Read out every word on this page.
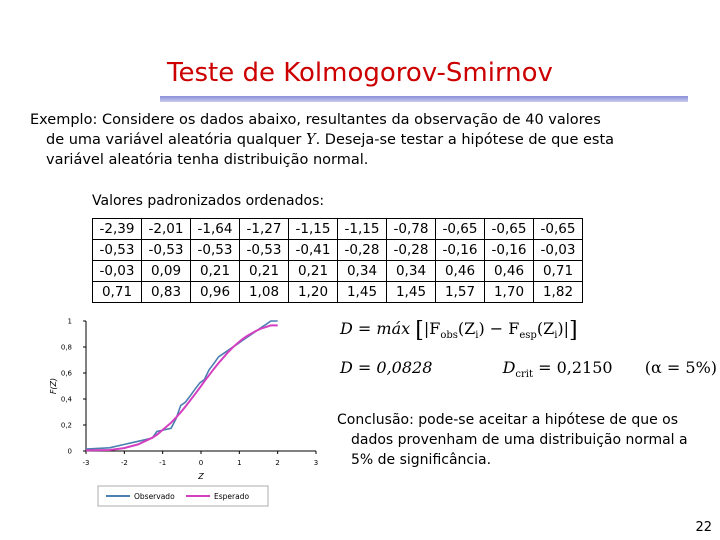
Teste de Kolmogorov-Smirnov
Exemplo: Considere os dados abaixo, resultantes da observação de 40 valores
de uma variável aleatória qualquer Y. Deseja-se testar a hipótese de que esta
variável aleatória tenha distribuição normal.
Valores padronizados ordenados:
-2,39	-2,01	-1,64	-1,27	-1,15	-1,15	-0,78	-0,65	-0,65	-0,65
-0,53	-0,53	-0,53	-0,53	-0,41	-0,28	-0,28	-0,16	-0,16	-0,03
-0,03	0,09	0,21	0,21	0,21	0,34	0,34	0,46	0,46	0,71
0,71	0,83	0,96	1,08	1,20	1,45	1,45	1,57	1,70	1,82
-3	-2	-1	0	1	2	3
0
0,2
0,4
0,6
0,8
1
Z
F(Z)
Observado	Esperado
D = máx $[|F_{obs}(Z_i) - F_{esp}(Z_i)|]$
D = 0,0828	$D_{crit} = 0,2150$ (α = 5%)
Conclusão: pode-se aceitar a hipótese de que os
dados provenham de uma distribuição normal a
5% de significância.
22
